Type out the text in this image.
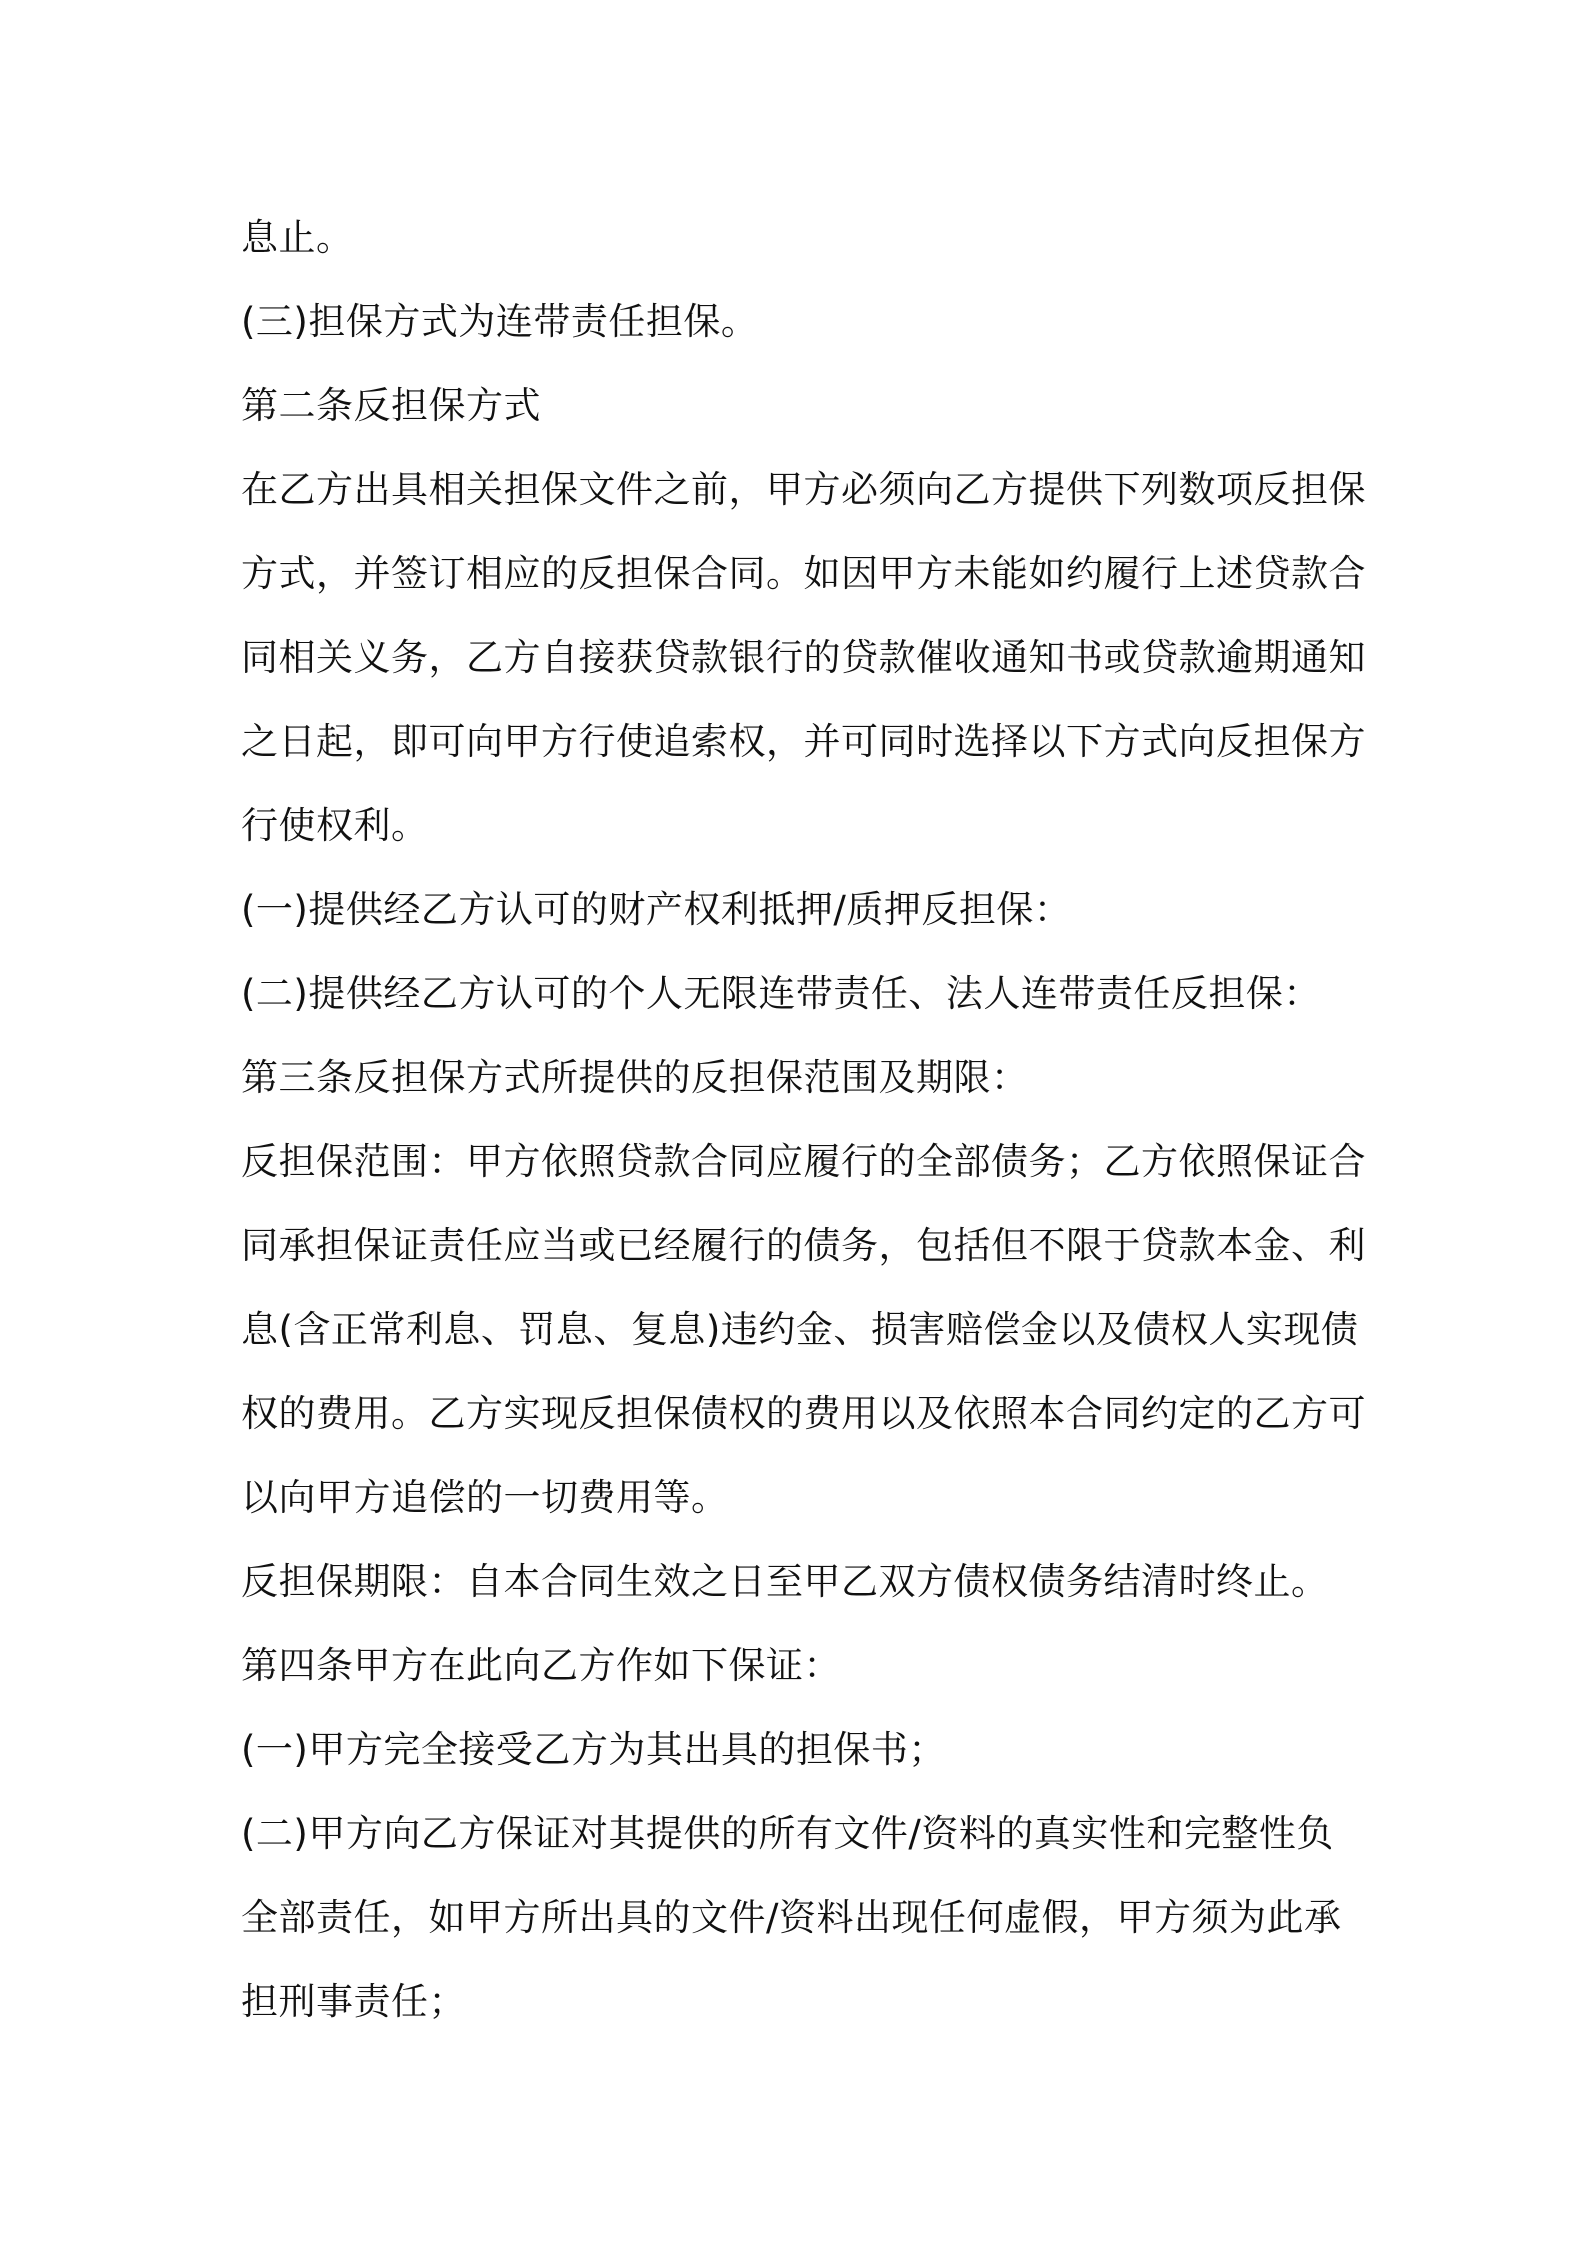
息止。
(三)担保方式为连带责任担保。
第二条反担保方式
在乙方出具相关担保文件之前，甲方必须向乙方提供下列数项反担保
方式，并签订相应的反担保合同。如因甲方未能如约履行上述贷款合
同相关义务，乙方自接获贷款银行的贷款催收通知书或贷款逾期通知
之日起，即可向甲方行使追索权，并可同时选择以下方式向反担保方
行使权利。
(一)提供经乙方认可的财产权利抵押/质押反担保：
(二)提供经乙方认可的个人无限连带责任、法人连带责任反担保：
第三条反担保方式所提供的反担保范围及期限：
反担保范围：甲方依照贷款合同应履行的全部债务；乙方依照保证合
同承担保证责任应当或已经履行的债务，包括但不限于贷款本金、利
息(含正常利息、罚息、复息)违约金、损害赔偿金以及债权人实现债
权的费用。乙方实现反担保债权的费用以及依照本合同约定的乙方可
以向甲方追偿的一切费用等。
反担保期限：自本合同生效之日至甲乙双方债权债务结清时终止。
第四条甲方在此向乙方作如下保证：
(一)甲方完全接受乙方为其出具的担保书；
(二)甲方向乙方保证对其提供的所有文件/资料的真实性和完整性负
全部责任，如甲方所出具的文件/资料出现任何虚假，甲方须为此承
担刑事责任；
